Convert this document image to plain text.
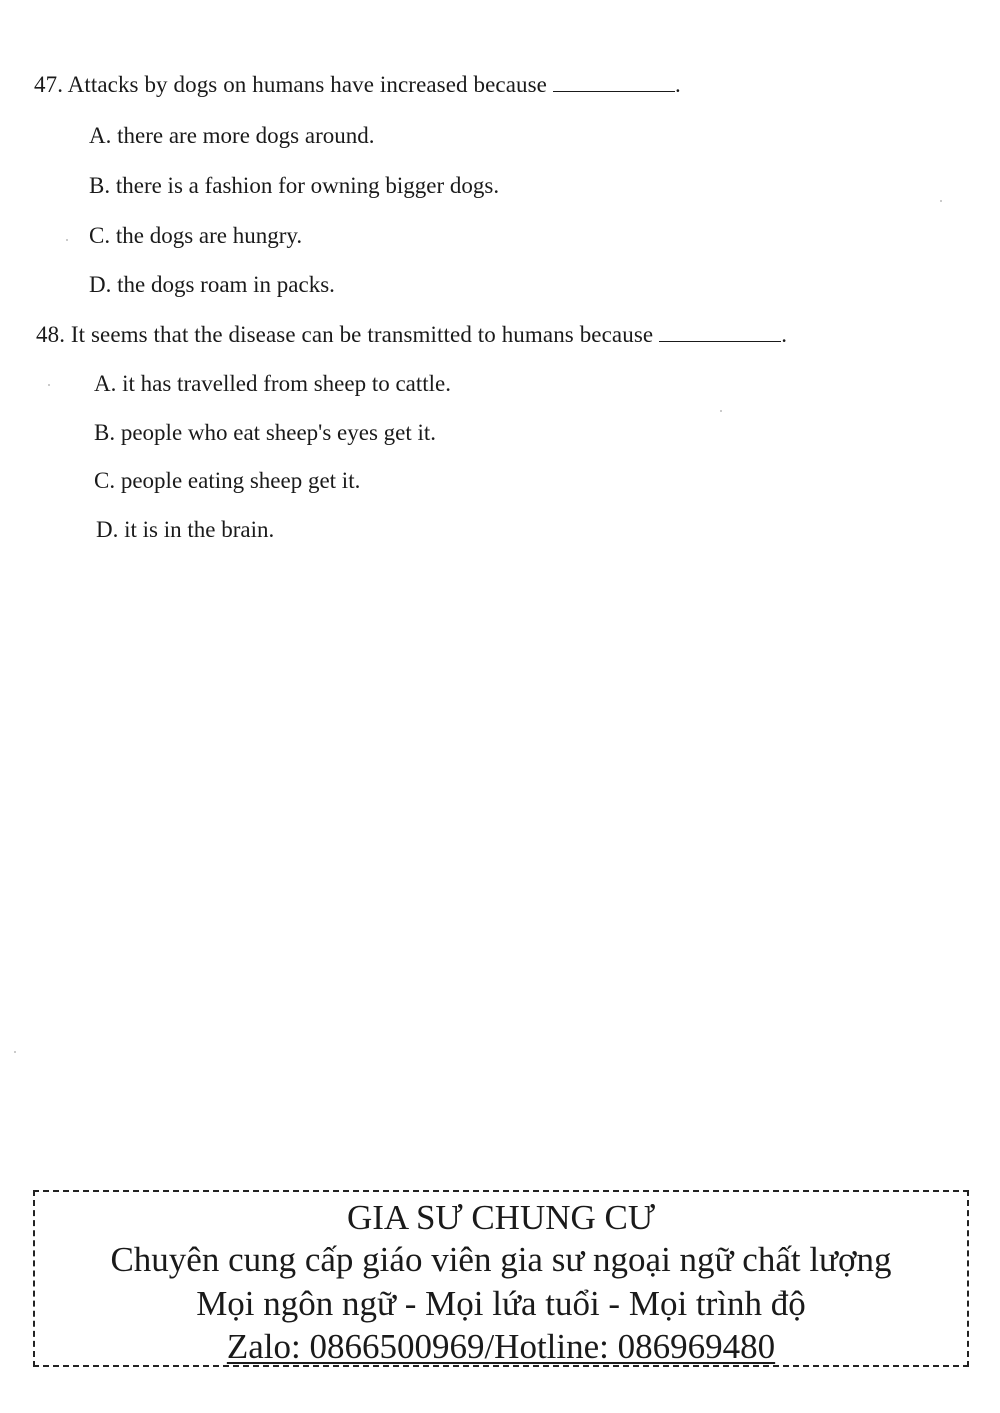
47. Attacks by dogs on humans have increased because	.
A. there are more dogs around.
B. there is a fashion for owning bigger dogs.
C. the dogs are hungry.
D. the dogs roam in packs.
48. It seems that the disease can be transmitted to humans because	.
A. it has travelled from sheep to cattle.
B. people who eat sheep's eyes get it.
C. people eating sheep get it.
D. it is in the brain.
GIA SƯ CHUNG CƯ
Chuyên cung cấp giáo viên gia sư ngoại ngữ chất lượng
Mọi ngôn ngữ - Mọi lứa tuổi - Mọi trình độ
Zalo: 0866500969/Hotline: 086969480
